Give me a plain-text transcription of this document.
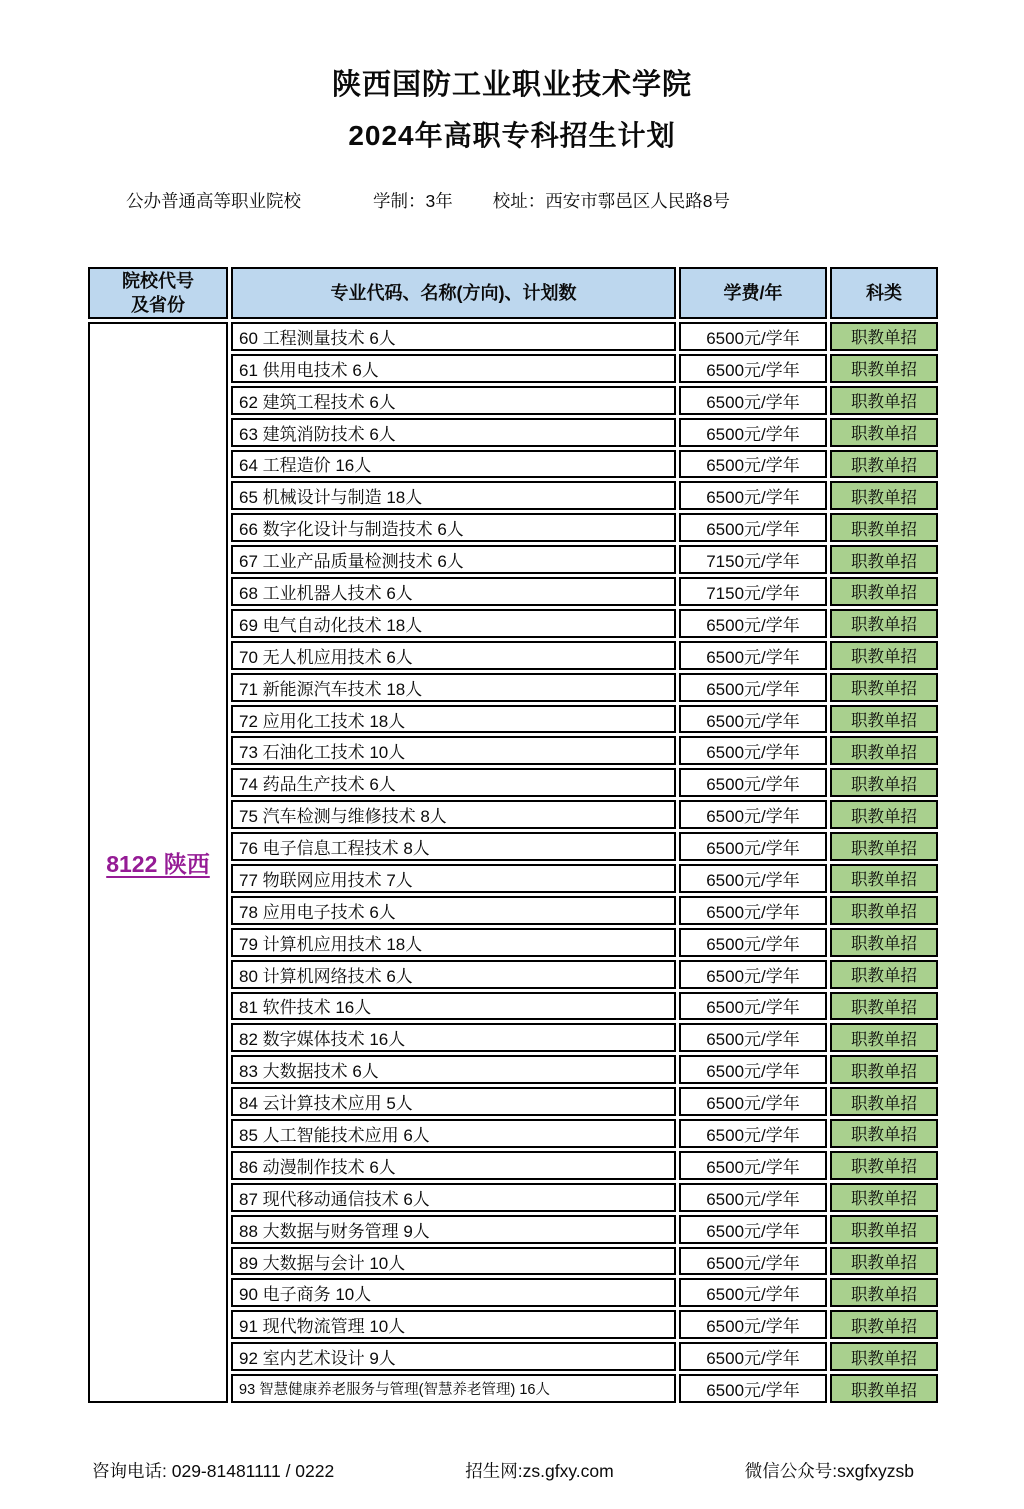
陕西国防工业职业技术学院
2024年高职专科招生计划
公办普通高等职业院校	学制：3年 校址：西安市鄠邑区人民路8号
院校代号
及省份
专业代码、名称(方向)、计划数	学费/年	科类
8122 陕西
60 工程测量技术 6人	6500元/学年	职教单招
61 供用电技术 6人	6500元/学年	职教单招
62 建筑工程技术 6人	6500元/学年	职教单招
63 建筑消防技术 6人	6500元/学年	职教单招
64 工程造价 16人	6500元/学年	职教单招
65 机械设计与制造 18人	6500元/学年	职教单招
66 数字化设计与制造技术 6人	6500元/学年	职教单招
67 工业产品质量检测技术 6人	7150元/学年	职教单招
68 工业机器人技术 6人	7150元/学年	职教单招
69 电气自动化技术 18人	6500元/学年	职教单招
70 无人机应用技术 6人	6500元/学年	职教单招
71 新能源汽车技术 18人	6500元/学年	职教单招
72 应用化工技术 18人	6500元/学年	职教单招
73 石油化工技术 10人	6500元/学年	职教单招
74 药品生产技术 6人	6500元/学年	职教单招
75 汽车检测与维修技术 8人	6500元/学年	职教单招
76 电子信息工程技术 8人	6500元/学年	职教单招
77 物联网应用技术 7人	6500元/学年	职教单招
78 应用电子技术 6人	6500元/学年	职教单招
79 计算机应用技术 18人	6500元/学年	职教单招
80 计算机网络技术 6人	6500元/学年	职教单招
81 软件技术 16人	6500元/学年	职教单招
82 数字媒体技术 16人	6500元/学年	职教单招
83 大数据技术 6人	6500元/学年	职教单招
84 云计算技术应用 5人	6500元/学年	职教单招
85 人工智能技术应用 6人	6500元/学年	职教单招
86 动漫制作技术 6人	6500元/学年	职教单招
87 现代移动通信技术 6人	6500元/学年	职教单招
88 大数据与财务管理 9人	6500元/学年	职教单招
89 大数据与会计 10人	6500元/学年	职教单招
90 电子商务 10人	6500元/学年	职教单招
91 现代物流管理 10人	6500元/学年	职教单招
92 室内艺术设计 9人	6500元/学年	职教单招
93 智慧健康养老服务与管理(智慧养老管理) 16人	6500元/学年	职教单招
咨询电话: 029-81481111 / 0222	招生网:zs.gfxy.com	微信公众号:sxgfxyzsb
